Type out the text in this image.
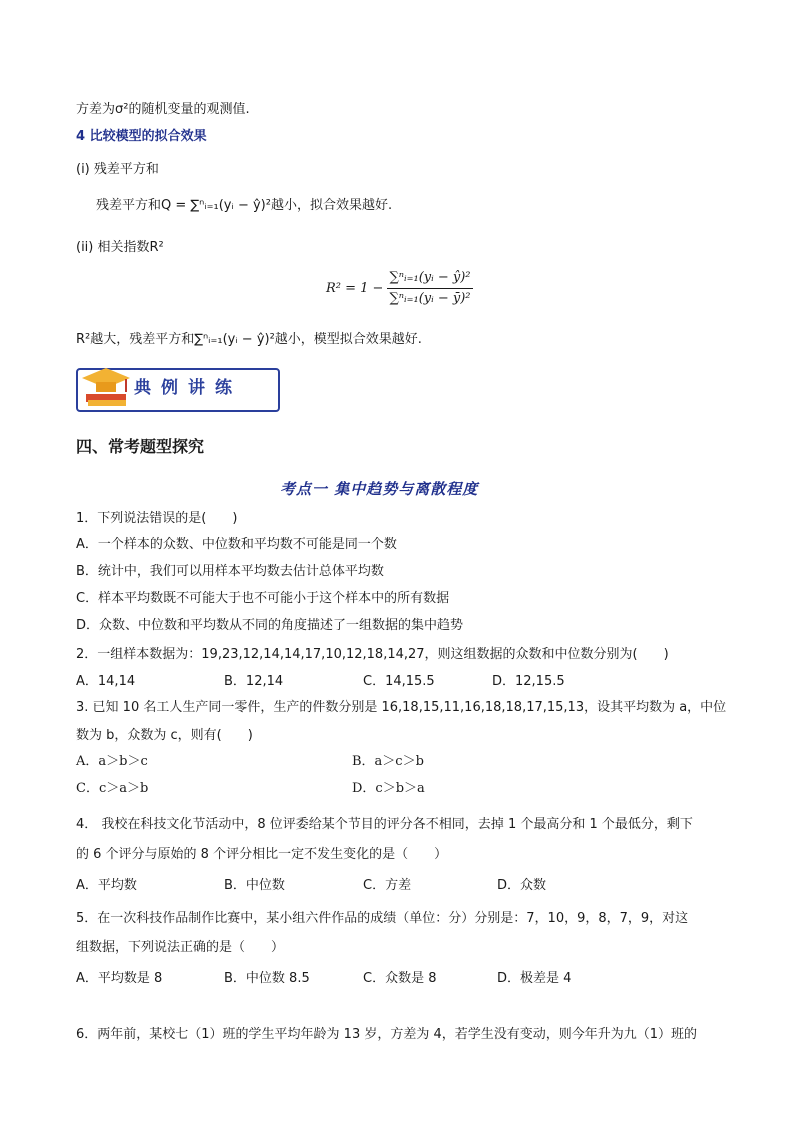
方差为σ²的随机变量的观测值.
4 比较模型的拟合效果
(i) 残差平方和
残差平方和Q = ∑ⁿᵢ₌₁(yᵢ − ŷ)²越小，拟合效果越好.
(ii) 相关指数R²
$R^2 = 1 - \frac{\text{∑ⁿᵢ₌₁(yᵢ − ŷ)²}}{\text{∑ⁿᵢ₌₁(yᵢ − ȳ)²}}$
R²越大，残差平方和∑ⁿᵢ₌₁(yᵢ − ŷ)²越小，模型拟合效果越好.
典例讲练
四、常考题型探究
考点一 集中趋势与离散程度
1．下列说法错误的是(　　)
A．一个样本的众数、中位数和平均数不可能是同一个数
B．统计中，我们可以用样本平均数去估计总体平均数
C．样本平均数既不可能大于也不可能小于这个样本中的所有数据
D．众数、中位数和平均数从不同的角度描述了一组数据的集中趋势
2．一组样本数据为：19,23,12,14,14,17,10,12,18,14,27，则这组数据的众数和中位数分别为(　　)
A．14,14	B．12,14	C．14,15.5	D．12,15.5
3. 已知 10 名工人生产同一零件，生产的件数分别是 16,18,15,11,16,18,18,17,15,13，设其平均数为 a，中位
数为 b，众数为 c，则有(　　)
A．a＞b＞c	B．a＞c＞b
C．c＞a＞b	D．c＞b＞a
4． 我校在科技文化节活动中，8 位评委给某个节目的评分各不相同，去掉 1 个最高分和 1 个最低分，剩下
的 6 个评分与原始的 8 个评分相比一定不发生变化的是（　　）
A．平均数	B．中位数	C．方差	D．众数
5．在一次科技作品制作比赛中，某小组六件作品的成绩（单位：分）分别是：7，10，9，8，7，9，对这
组数据，下列说法正确的是（　　）
A．平均数是 8	B．中位数 8.5	C．众数是 8	D．极差是 4
6．两年前，某校七（1）班的学生平均年龄为 13 岁，方差为 4，若学生没有变动，则今年升为九（1）班的
